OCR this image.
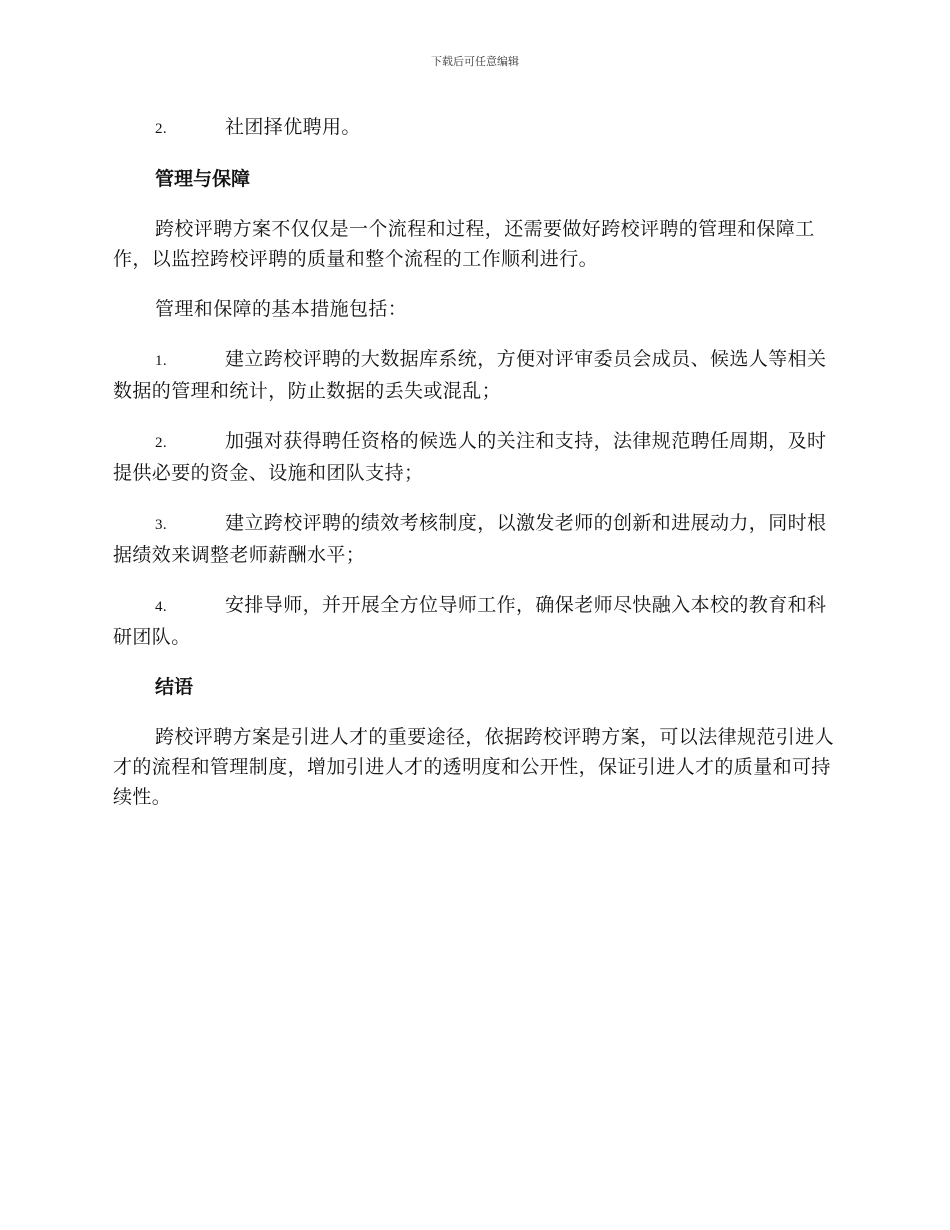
下载后可任意编辑

2.	社团择优聘用。

管理与保障

跨校评聘方案不仅仅是一个流程和过程，还需要做好跨校评聘的管理和保障工作，以监控跨校评聘的质量和整个流程的工作顺利进行。

管理和保障的基本措施包括：

1.	建立跨校评聘的大数据库系统，方便对评审委员会成员、候选人等相关数据的管理和统计，防止数据的丢失或混乱；

2.	加强对获得聘任资格的候选人的关注和支持，法律规范聘任周期，及时提供必要的资金、设施和团队支持；

3.	建立跨校评聘的绩效考核制度，以激发老师的创新和进展动力，同时根据绩效来调整老师薪酬水平；

4.	安排导师，并开展全方位导师工作，确保老师尽快融入本校的教育和科研团队。

结语

跨校评聘方案是引进人才的重要途径，依据跨校评聘方案，可以法律规范引进人才的流程和管理制度，增加引进人才的透明度和公开性，保证引进人才的质量和可持续性。
